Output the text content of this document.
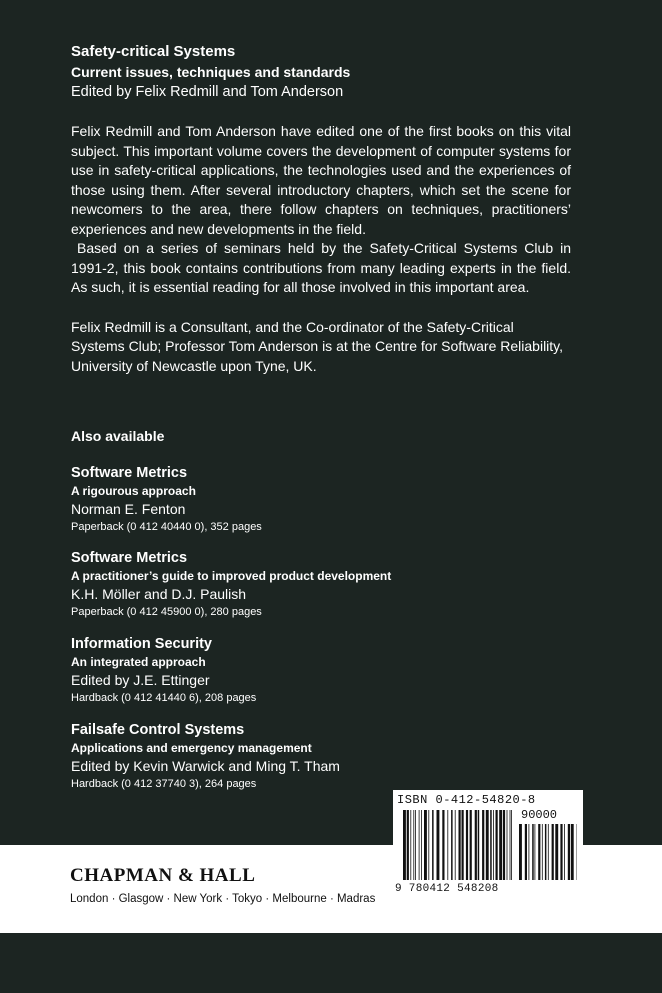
Safety-critical Systems

Current issues, techniques and standards

Edited by Felix Redmill and Tom Anderson

Felix Redmill and Tom Anderson have edited one of the first books on this vital subject. This important volume covers the development of computer systems for use in safety-critical applications, the technologies used and the experiences of those using them. After several introductory chapters, which set the scene for newcomers to the area, there follow chapters on techniques, practitioners’ experiences and new developments in the field.

Based on a series of seminars held by the Safety-Critical Systems Club in 1991-2, this book contains contributions from many leading experts in the field. As such, it is essential reading for all those involved in this important area.

Felix Redmill is a Consultant, and the Co-ordinator of the Safety-Critical Systems Club; Professor Tom Anderson is at the Centre for Software Reliability, University of Newcastle upon Tyne, UK.

Also available
Software Metrics
A rigourous approach
Norman E. Fenton
Paperback (0 412 40440 0), 352 pages
Software Metrics
A practitioner’s guide to improved product development
K.H. Möller and D.J. Paulish
Paperback (0 412 45900 0), 280 pages
Information Security
An integrated approach
Edited by J.E. Ettinger
Hardback (0 412 41440 6), 208 pages
Failsafe Control Systems
Applications and emergency management
Edited by Kevin Warwick and Ming T. Tham
Hardback (0 412 37740 3), 264 pages
CHAPMAN & HALL
London · Glasgow · New York · Tokyo · Melbourne · Madras
ISBN 0-412-54820-8
90000
9 780412 548208
